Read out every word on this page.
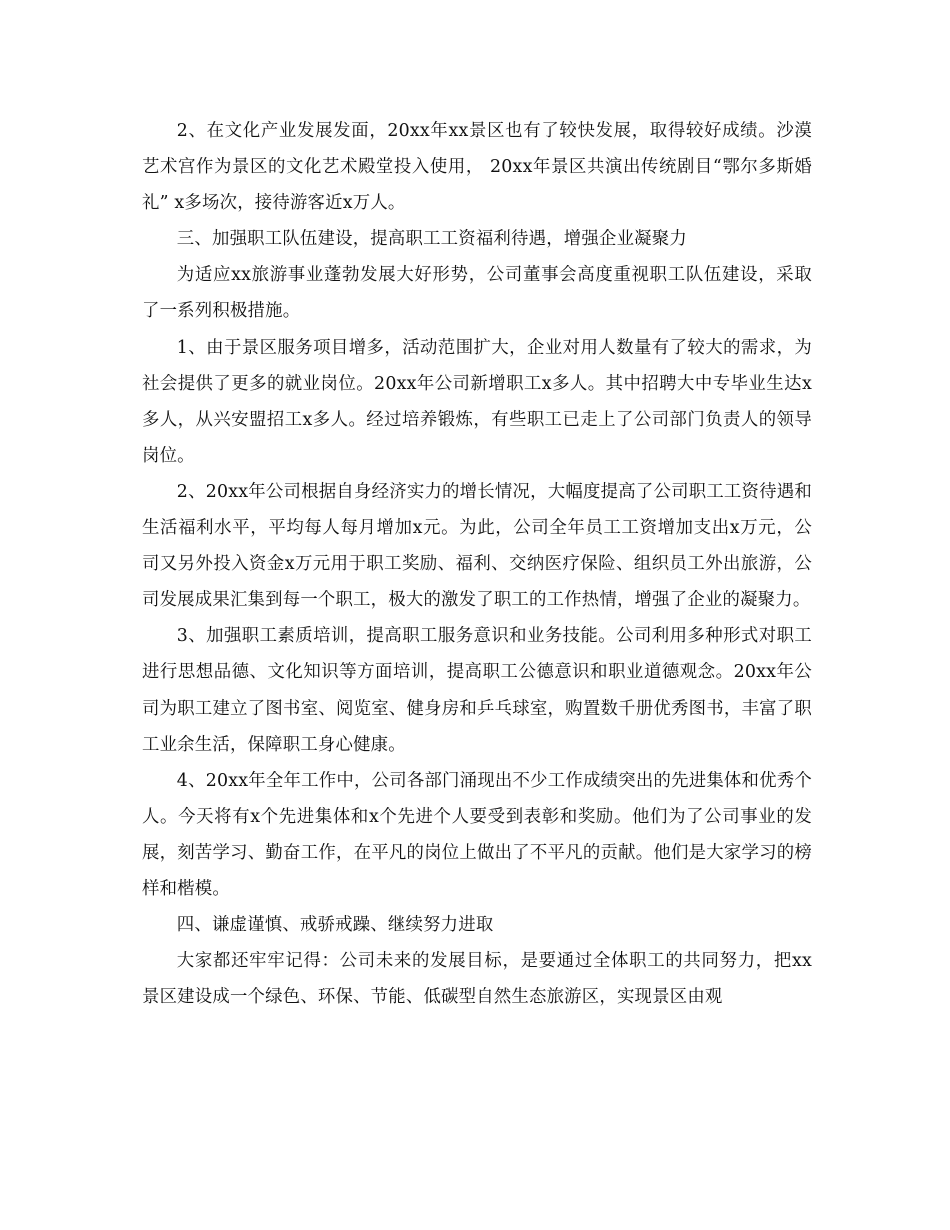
2、在文化产业发展发面，20xx年xx景区也有了较快发展，取得较好成绩。沙漠艺术宫作为景区的文化艺术殿堂投入使用， 20xx年景区共演出传统剧目“鄂尔多斯婚礼” x多场次，接待游客近x万人。

三、加强职工队伍建设，提高职工工资福利待遇，增强企业凝聚力

为适应xx旅游事业蓬勃发展大好形势，公司董事会高度重视职工队伍建设，采取了一系列积极措施。

1、由于景区服务项目增多，活动范围扩大，企业对用人数量有了较大的需求，为社会提供了更多的就业岗位。20xx年公司新增职工x多人。其中招聘大中专毕业生达x多人，从兴安盟招工x多人。经过培养锻炼，有些职工已走上了公司部门负责人的领导岗位。

2、20xx年公司根据自身经济实力的增长情况，大幅度提高了公司职工工资待遇和生活福利水平，平均每人每月增加x元。为此，公司全年员工工资增加支出x万元，公司又另外投入资金x万元用于职工奖励、福利、交纳医疗保险、组织员工外出旅游，公司发展成果汇集到每一个职工，极大的激发了职工的工作热情，增强了企业的凝聚力。

3、加强职工素质培训，提高职工服务意识和业务技能。公司利用多种形式对职工进行思想品德、文化知识等方面培训，提高职工公德意识和职业道德观念。20xx年公司为职工建立了图书室、阅览室、健身房和乒乓球室，购置数千册优秀图书，丰富了职工业余生活，保障职工身心健康。

4、20xx年全年工作中，公司各部门涌现出不少工作成绩突出的先进集体和优秀个人。今天将有x个先进集体和x个先进个人要受到表彰和奖励。他们为了公司事业的发展，刻苦学习、勤奋工作，在平凡的岗位上做出了不平凡的贡献。他们是大家学习的榜样和楷模。

四、谦虚谨慎、戒骄戒躁、继续努力进取

大家都还牢牢记得：公司未来的发展目标，是要通过全体职工的共同努力，把xx景区建设成一个绿色、环保、节能、低碳型自然生态旅游区，实现景区由观
